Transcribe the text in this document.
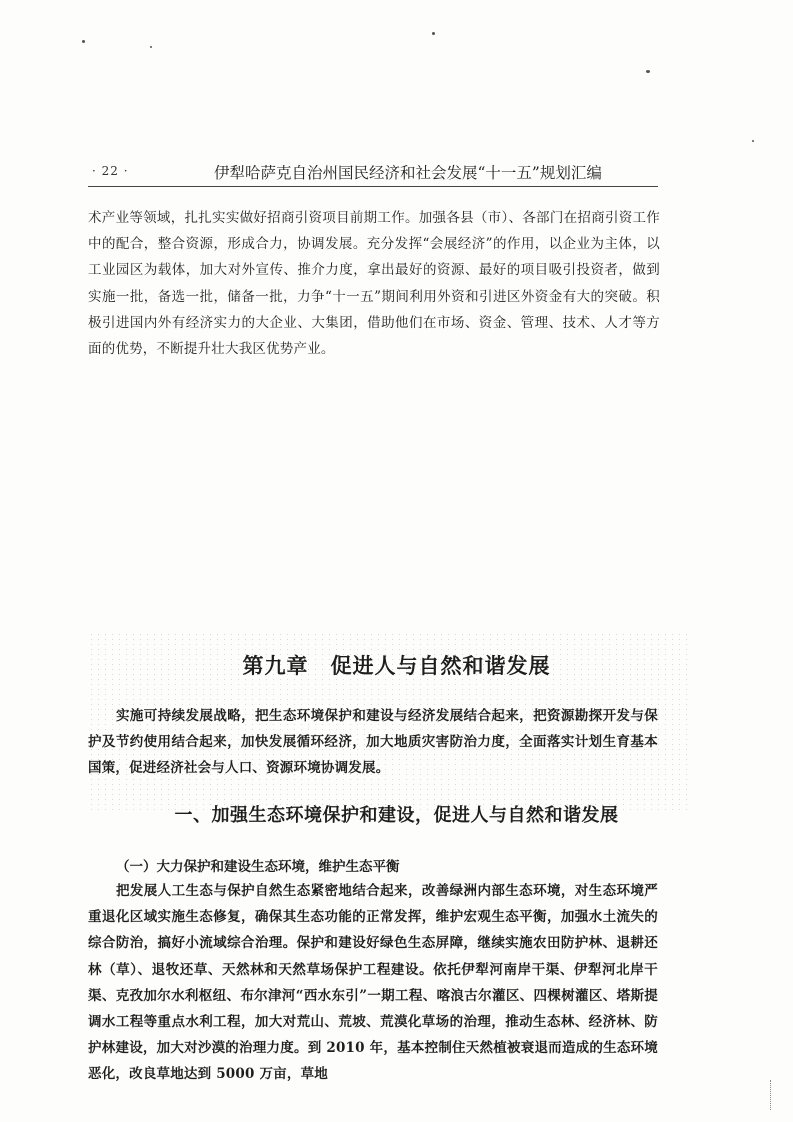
· 22 ·	伊犁哈萨克自治州国民经济和社会发展“十一五”规划汇编

术产业等领域，扎扎实实做好招商引资项目前期工作。加强各县（市）、各部门在招商引资工作中的配合，整合资源，形成合力，协调发展。充分发挥“会展经济”的作用，以企业为主体，以工业园区为载体，加大对外宣传、推介力度，拿出最好的资源、最好的项目吸引投资者，做到实施一批，备选一批，储备一批，力争“十一五”期间利用外资和引进区外资金有大的突破。积极引进国内外有经济实力的大企业、大集团，借助他们在市场、资金、管理、技术、人才等方面的优势，不断提升壮大我区优势产业。

第九章　促进人与自然和谐发展

实施可持续发展战略，把生态环境保护和建设与经济发展结合起来，把资源勘探开发与保护及节约使用结合起来，加快发展循环经济，加大地质灾害防治力度，全面落实计划生育基本国策，促进经济社会与人口、资源环境协调发展。

一、加强生态环境保护和建设，促进人与自然和谐发展
（一）大力保护和建设生态环境，维护生态平衡

把发展人工生态与保护自然生态紧密地结合起来，改善绿洲内部生态环境，对生态环境严重退化区域实施生态修复，确保其生态功能的正常发挥，维护宏观生态平衡，加强水土流失的综合防治，搞好小流域综合治理。保护和建设好绿色生态屏障，继续实施农田防护林、退耕还林（草）、退牧还草、天然林和天然草场保护工程建设。依托伊犁河南岸干渠、伊犁河北岸干渠、克孜加尔水利枢纽、布尔津河“西水东引”一期工程、喀浪古尔灌区、四棵树灌区、塔斯提调水工程等重点水利工程，加大对荒山、荒坡、荒漠化草场的治理，推动生态林、经济林、防护林建设，加大对沙漠的治理力度。到 2010 年，基本控制住天然植被衰退而造成的生态环境恶化，改良草地达到 5000 万亩，草地
